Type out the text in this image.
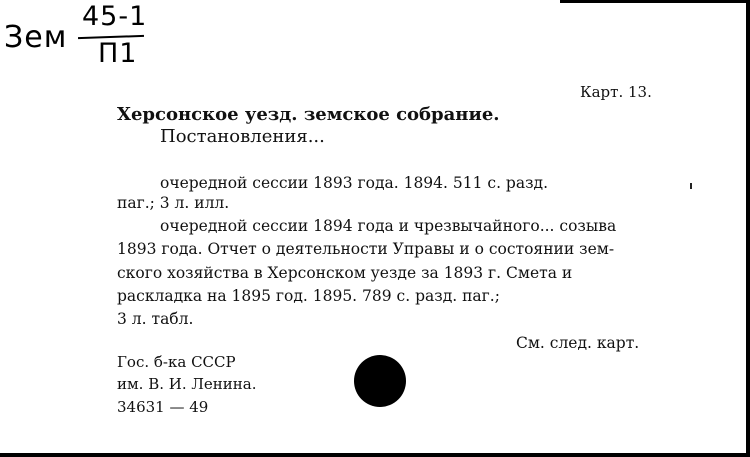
Зем
45-1
П1
Карт. 13.
Херсонское уезд. земское собрание.
Постановления...
очередной сессии 1893 года. 1894. 511 с. разд.
паг.; 3 л. илл.
очередной сессии 1894 года и чрезвычайного... созыва
1893 года. Отчет о деятельности Управы и о состоянии зем-
ского хозяйства в Херсонском уезде за 1893 г. Смета и
раскладка на 1895 год. 1895. 789 с. разд. паг.;
3 л. табл.
См. след. карт.
Гос. б-ка СССР
им. В. И. Ленина.
34631 — 49
